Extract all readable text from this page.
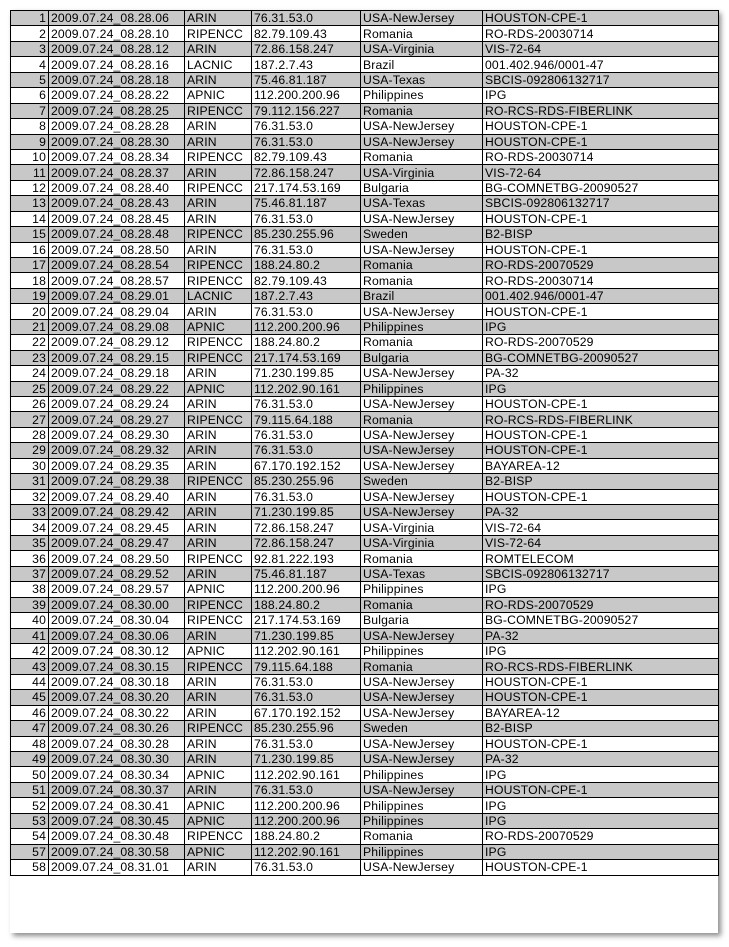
1	2009.07.24_08.28.06	ARIN	76.31.53.0	USA-NewJersey	HOUSTON-CPE-1
2	2009.07.24_08.28.10	RIPENCC	82.79.109.43	Romania	RO-RDS-20030714
3	2009.07.24_08.28.12	ARIN	72.86.158.247	USA-Virginia	VIS-72-64
4	2009.07.24_08.28.16	LACNIC	187.2.7.43	Brazil	001.402.946/0001-47
5	2009.07.24_08.28.18	ARIN	75.46.81.187	USA-Texas	SBCIS-092806132717
6	2009.07.24_08.28.22	APNIC	112.200.200.96	Philippines	IPG
7	2009.07.24_08.28.25	RIPENCC	79.112.156.227	Romania	RO-RCS-RDS-FIBERLINK
8	2009.07.24_08.28.28	ARIN	76.31.53.0	USA-NewJersey	HOUSTON-CPE-1
9	2009.07.24_08.28.30	ARIN	76.31.53.0	USA-NewJersey	HOUSTON-CPE-1
10	2009.07.24_08.28.34	RIPENCC	82.79.109.43	Romania	RO-RDS-20030714
11	2009.07.24_08.28.37	ARIN	72.86.158.247	USA-Virginia	VIS-72-64
12	2009.07.24_08.28.40	RIPENCC	217.174.53.169	Bulgaria	BG-COMNETBG-20090527
13	2009.07.24_08.28.43	ARIN	75.46.81.187	USA-Texas	SBCIS-092806132717
14	2009.07.24_08.28.45	ARIN	76.31.53.0	USA-NewJersey	HOUSTON-CPE-1
15	2009.07.24_08.28.48	RIPENCC	85.230.255.96	Sweden	B2-BISP
16	2009.07.24_08.28.50	ARIN	76.31.53.0	USA-NewJersey	HOUSTON-CPE-1
17	2009.07.24_08.28.54	RIPENCC	188.24.80.2	Romania	RO-RDS-20070529
18	2009.07.24_08.28.57	RIPENCC	82.79.109.43	Romania	RO-RDS-20030714
19	2009.07.24_08.29.01	LACNIC	187.2.7.43	Brazil	001.402.946/0001-47
20	2009.07.24_08.29.04	ARIN	76.31.53.0	USA-NewJersey	HOUSTON-CPE-1
21	2009.07.24_08.29.08	APNIC	112.200.200.96	Philippines	IPG
22	2009.07.24_08.29.12	RIPENCC	188.24.80.2	Romania	RO-RDS-20070529
23	2009.07.24_08.29.15	RIPENCC	217.174.53.169	Bulgaria	BG-COMNETBG-20090527
24	2009.07.24_08.29.18	ARIN	71.230.199.85	USA-NewJersey	PA-32
25	2009.07.24_08.29.22	APNIC	112.202.90.161	Philippines	IPG
26	2009.07.24_08.29.24	ARIN	76.31.53.0	USA-NewJersey	HOUSTON-CPE-1
27	2009.07.24_08.29.27	RIPENCC	79.115.64.188	Romania	RO-RCS-RDS-FIBERLINK
28	2009.07.24_08.29.30	ARIN	76.31.53.0	USA-NewJersey	HOUSTON-CPE-1
29	2009.07.24_08.29.32	ARIN	76.31.53.0	USA-NewJersey	HOUSTON-CPE-1
30	2009.07.24_08.29.35	ARIN	67.170.192.152	USA-NewJersey	BAYAREA-12
31	2009.07.24_08.29.38	RIPENCC	85.230.255.96	Sweden	B2-BISP
32	2009.07.24_08.29.40	ARIN	76.31.53.0	USA-NewJersey	HOUSTON-CPE-1
33	2009.07.24_08.29.42	ARIN	71.230.199.85	USA-NewJersey	PA-32
34	2009.07.24_08.29.45	ARIN	72.86.158.247	USA-Virginia	VIS-72-64
35	2009.07.24_08.29.47	ARIN	72.86.158.247	USA-Virginia	VIS-72-64
36	2009.07.24_08.29.50	RIPENCC	92.81.222.193	Romania	ROMTELECOM
37	2009.07.24_08.29.52	ARIN	75.46.81.187	USA-Texas	SBCIS-092806132717
38	2009.07.24_08.29.57	APNIC	112.200.200.96	Philippines	IPG
39	2009.07.24_08.30.00	RIPENCC	188.24.80.2	Romania	RO-RDS-20070529
40	2009.07.24_08.30.04	RIPENCC	217.174.53.169	Bulgaria	BG-COMNETBG-20090527
41	2009.07.24_08.30.06	ARIN	71.230.199.85	USA-NewJersey	PA-32
42	2009.07.24_08.30.12	APNIC	112.202.90.161	Philippines	IPG
43	2009.07.24_08.30.15	RIPENCC	79.115.64.188	Romania	RO-RCS-RDS-FIBERLINK
44	2009.07.24_08.30.18	ARIN	76.31.53.0	USA-NewJersey	HOUSTON-CPE-1
45	2009.07.24_08.30.20	ARIN	76.31.53.0	USA-NewJersey	HOUSTON-CPE-1
46	2009.07.24_08.30.22	ARIN	67.170.192.152	USA-NewJersey	BAYAREA-12
47	2009.07.24_08.30.26	RIPENCC	85.230.255.96	Sweden	B2-BISP
48	2009.07.24_08.30.28	ARIN	76.31.53.0	USA-NewJersey	HOUSTON-CPE-1
49	2009.07.24_08.30.30	ARIN	71.230.199.85	USA-NewJersey	PA-32
50	2009.07.24_08.30.34	APNIC	112.202.90.161	Philippines	IPG
51	2009.07.24_08.30.37	ARIN	76.31.53.0	USA-NewJersey	HOUSTON-CPE-1
52	2009.07.24_08.30.41	APNIC	112.200.200.96	Philippines	IPG
53	2009.07.24_08.30.45	APNIC	112.200.200.96	Philippines	IPG
54	2009.07.24_08.30.48	RIPENCC	188.24.80.2	Romania	RO-RDS-20070529
57	2009.07.24_08.30.58	APNIC	112.202.90.161	Philippines	IPG
58	2009.07.24_08.31.01	ARIN	76.31.53.0	USA-NewJersey	HOUSTON-CPE-1
